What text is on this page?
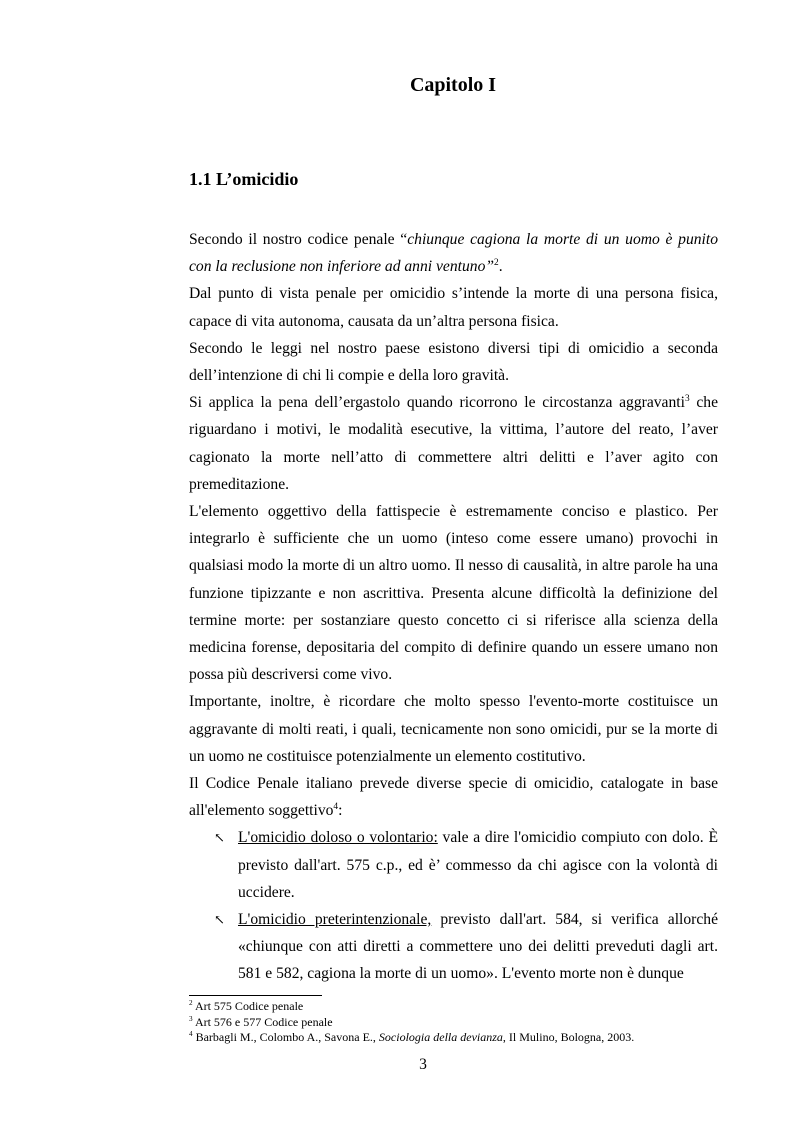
Capitolo I
1.1 L’omicidio

Secondo il nostro codice penale “chiunque cagiona la morte di un uomo è punito con la reclusione non inferiore ad anni ventuno”$^2$.

Dal punto di vista penale per omicidio s’intende la morte di una persona fisica, capace di vita autonoma, causata da un’altra persona fisica.

Secondo le leggi nel nostro paese esistono diversi tipi di omicidio a seconda dell’intenzione di chi li compie e della loro gravità.

Si applica la pena dell’ergastolo quando ricorrono le circostanza aggravanti$^3$ che riguardano i motivi, le modalità esecutive, la vittima, l’autore del reato, l’aver cagionato la morte nell’atto di commettere altri delitti e l’aver agito con premeditazione.

L'elemento oggettivo della fattispecie è estremamente conciso e plastico. Per integrarlo è sufficiente che un uomo (inteso come essere umano) provochi in qualsiasi modo la morte di un altro uomo. Il nesso di causalità, in altre parole ha una funzione tipizzante e non ascrittiva. Presenta alcune difficoltà la definizione del termine morte: per sostanziare questo concetto ci si riferisce alla scienza della medicina forense, depositaria del compito di definire quando un essere umano non possa più descriversi come vivo.

Importante, inoltre, è ricordare che molto spesso l'evento-morte costituisce un aggravante di molti reati, i quali, tecnicamente non sono omicidi, pur se la morte di un uomo ne costituisce potenzialmente un elemento costitutivo.

Il Codice Penale italiano prevede diverse specie di omicidio, catalogate in base all'elemento soggettivo$^4$:

↖ L'omicidio doloso o volontario: vale a dire l'omicidio compiuto con dolo. È previsto dall'art. 575 c.p., ed è’ commesso da chi agisce con la volontà di uccidere.
↖ L'omicidio preterintenzionale, previsto dall'art. 584, si verifica allorché «chiunque con atti diretti a commettere uno dei delitti preveduti dagli art. 581 e 582, cagiona la morte di un uomo». L'evento morte non è dunque
$^2$ Art 575 Codice penale
$^3$ Art 576 e 577 Codice penale
$^4$ Barbagli M., Colombo A., Savona E., Sociologia della devianza, Il Mulino, Bologna, 2003.
3
